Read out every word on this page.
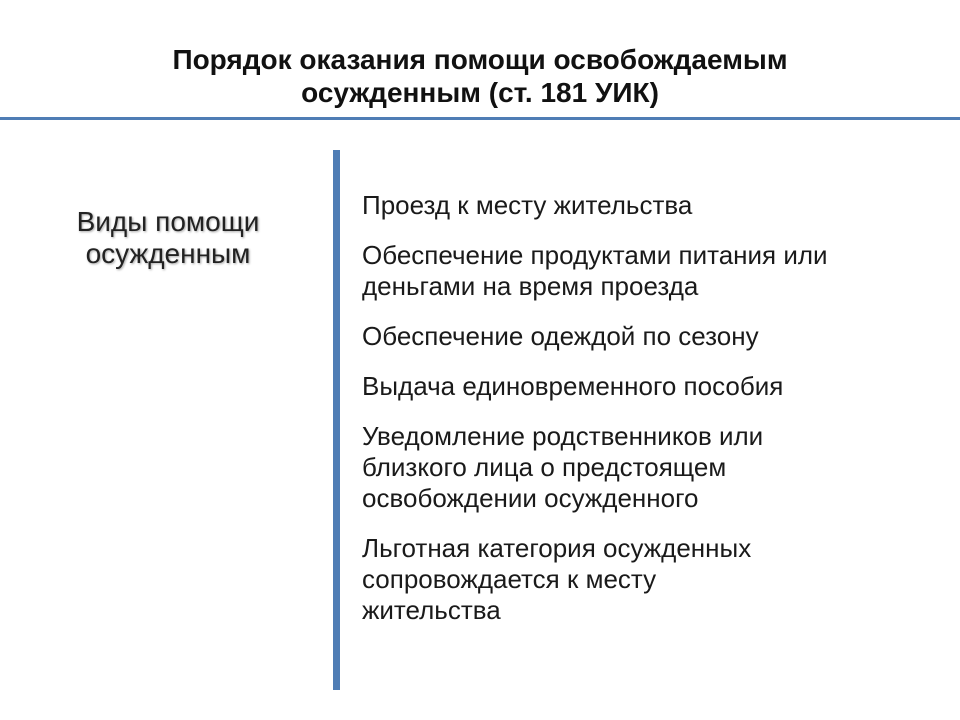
Порядок оказания помощи освобождаемым
осужденным (ст. 181 УИК)
Виды помощи
осужденным
Проезд к месту жительства
Обеспечение продуктами питания или
деньгами на время проезда
Обеспечение одеждой по сезону
Выдача единовременного пособия
Уведомление родственников или
близкого лица о предстоящем
освобождении осужденного
Льготная категория осужденных
сопровождается к месту
жительства
